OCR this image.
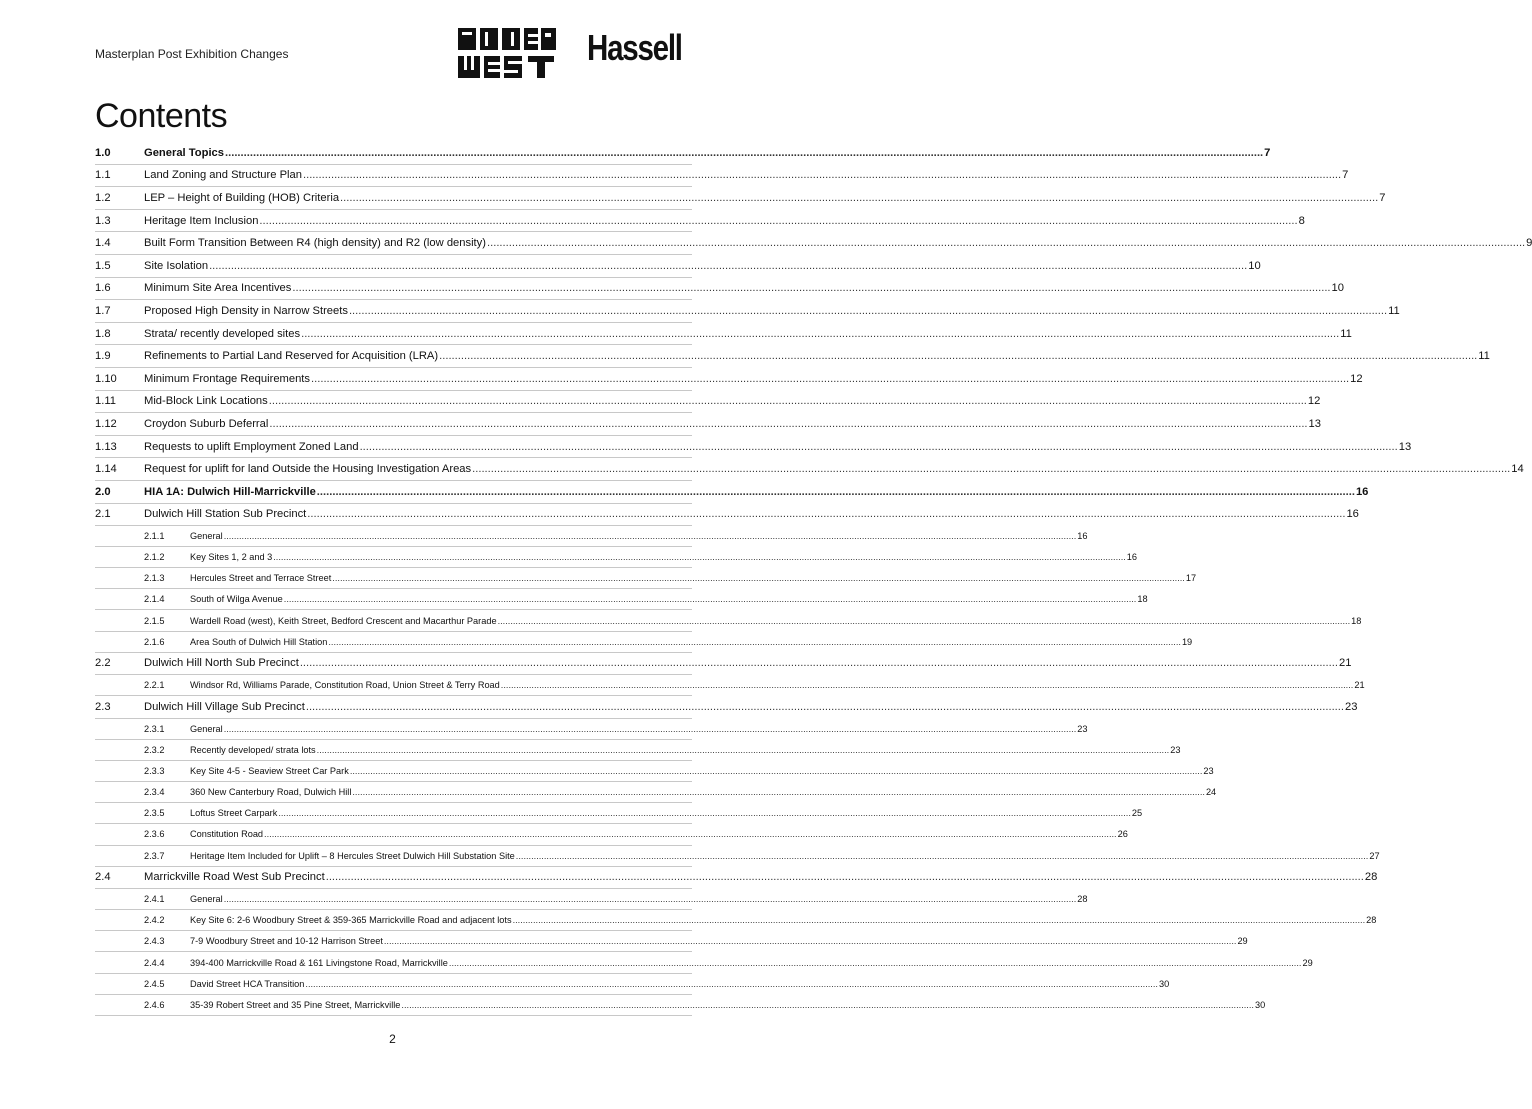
Masterplan Post Exhibition Changes	Hassell
Contents
1.0	General Topics .....	7
1.1	Land Zoning and Structure Plan .....	7
1.2	LEP – Height of Building (HOB) Criteria .....	7
1.3	Heritage Item Inclusion .....	8
1.4	Built Form Transition Between R4 (high density) and R2 (low density) .....	9
1.5	Site Isolation .....	10
1.6	Minimum Site Area Incentives .....	10
1.7	Proposed High Density in Narrow Streets .....	11
1.8	Strata/ recently developed sites .....	11
1.9	Refinements to Partial Land Reserved for Acquisition (LRA) .....	11
1.10	Minimum Frontage Requirements .....	12
1.11	Mid-Block Link Locations .....	12
1.12	Croydon Suburb Deferral .....	13
1.13	Requests to uplift Employment Zoned Land .....	13
1.14	Request for uplift for land Outside the Housing Investigation Areas .....	14
2.0	HIA 1A: Dulwich Hill-Marrickville .....	16
2.1	Dulwich Hill Station Sub Precinct .....	16
2.1.1	General .....	16
2.1.2	Key Sites 1, 2 and 3 .....	16
2.1.3	Hercules Street and Terrace Street .....	17
2.1.4	South of Wilga Avenue .....	18
2.1.5	Wardell Road (west), Keith Street, Bedford Crescent and Macarthur Parade .....	18
2.1.6	Area South of Dulwich Hill Station .....	19
2.2	Dulwich Hill North Sub Precinct .....	21
2.2.1	Windsor Rd, Williams Parade, Constitution Road, Union Street & Terry Road .....	21
2.3	Dulwich Hill Village Sub Precinct .....	23
2.3.1	General .....	23
2.3.2	Recently developed/ strata lots .....	23
2.3.3	Key Site 4-5 - Seaview Street Car Park .....	23
2.3.4	360 New Canterbury Road, Dulwich Hill .....	24
2.3.5	Loftus Street Carpark .....	25
2.3.6	Constitution Road .....	26
2.3.7	Heritage Item Included for Uplift – 8 Hercules Street Dulwich Hill Substation Site .....	27
2.4	Marrickville Road West Sub Precinct .....	28
2.4.1	General .....	28
2.4.2	Key Site 6: 2-6 Woodbury Street & 359-365 Marrickville Road and adjacent lots .....	28
2.4.3	7-9 Woodbury Street and 10-12 Harrison Street .....	29
2.4.4	394-400 Marrickville Road & 161 Livingstone Road, Marrickville .....	29
2.4.5	David Street HCA Transition .....	30
2.4.6	35-39 Robert Street and 35 Pine Street, Marrickville .....	30
2
